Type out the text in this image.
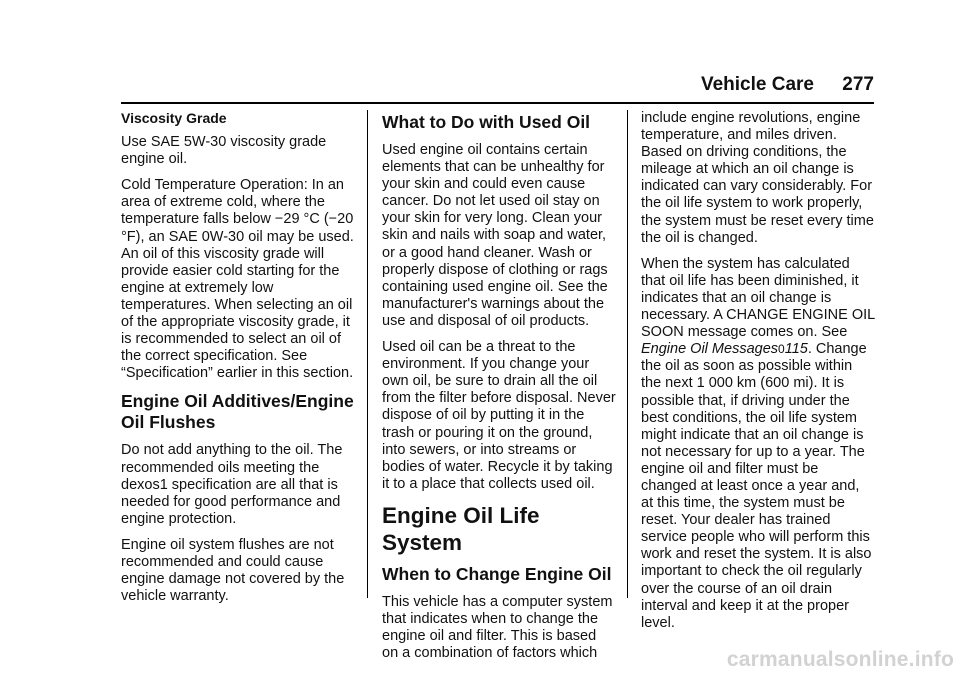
Vehicle Care 277

Viscosity Grade

Use SAE 5W-30 viscosity grade engine oil.

Cold Temperature Operation: In an area of extreme cold, where the temperature falls below −29 °C (−20 °F), an SAE 0W-30 oil may be used. An oil of this viscosity grade will provide easier cold starting for the engine at extremely low temperatures. When selecting an oil of the appropriate viscosity grade, it is recommended to select an oil of the correct specification. See “Specification” earlier in this section.

Engine Oil Additives/Engine Oil Flushes

Do not add anything to the oil. The recommended oils meeting the dexos1 specification are all that is needed for good performance and engine protection.

Engine oil system flushes are not recommended and could cause engine damage not covered by the vehicle warranty.

What to Do with Used Oil

Used engine oil contains certain elements that can be unhealthy for your skin and could even cause cancer. Do not let used oil stay on your skin for very long. Clean your skin and nails with soap and water, or a good hand cleaner. Wash or properly dispose of clothing or rags containing used engine oil. See the manufacturer's warnings about the use and disposal of oil products.

Used oil can be a threat to the environment. If you change your own oil, be sure to drain all the oil from the filter before disposal. Never dispose of oil by putting it in the trash or pouring it on the ground, into sewers, or into streams or bodies of water. Recycle it by taking it to a place that collects used oil.

Engine Oil Life System
When to Change Engine Oil

This vehicle has a computer system that indicates when to change the engine oil and filter. This is based on a combination of factors which

include engine revolutions, engine temperature, and miles driven. Based on driving conditions, the mileage at which an oil change is indicated can vary considerably. For the oil life system to work properly, the system must be reset every time the oil is changed.

When the system has calculated that oil life has been diminished, it indicates that an oil change is necessary. A CHANGE ENGINE OIL SOON message comes on. See Engine Oil Messages0115. Change the oil as soon as possible within the next 1 000 km (600 mi). It is possible that, if driving under the best conditions, the oil life system might indicate that an oil change is not necessary for up to a year. The engine oil and filter must be changed at least once a year and, at this time, the system must be reset. Your dealer has trained service people who will perform this work and reset the system. It is also important to check the oil regularly over the course of an oil drain interval and keep it at the proper level.

carmanualsonline.info
